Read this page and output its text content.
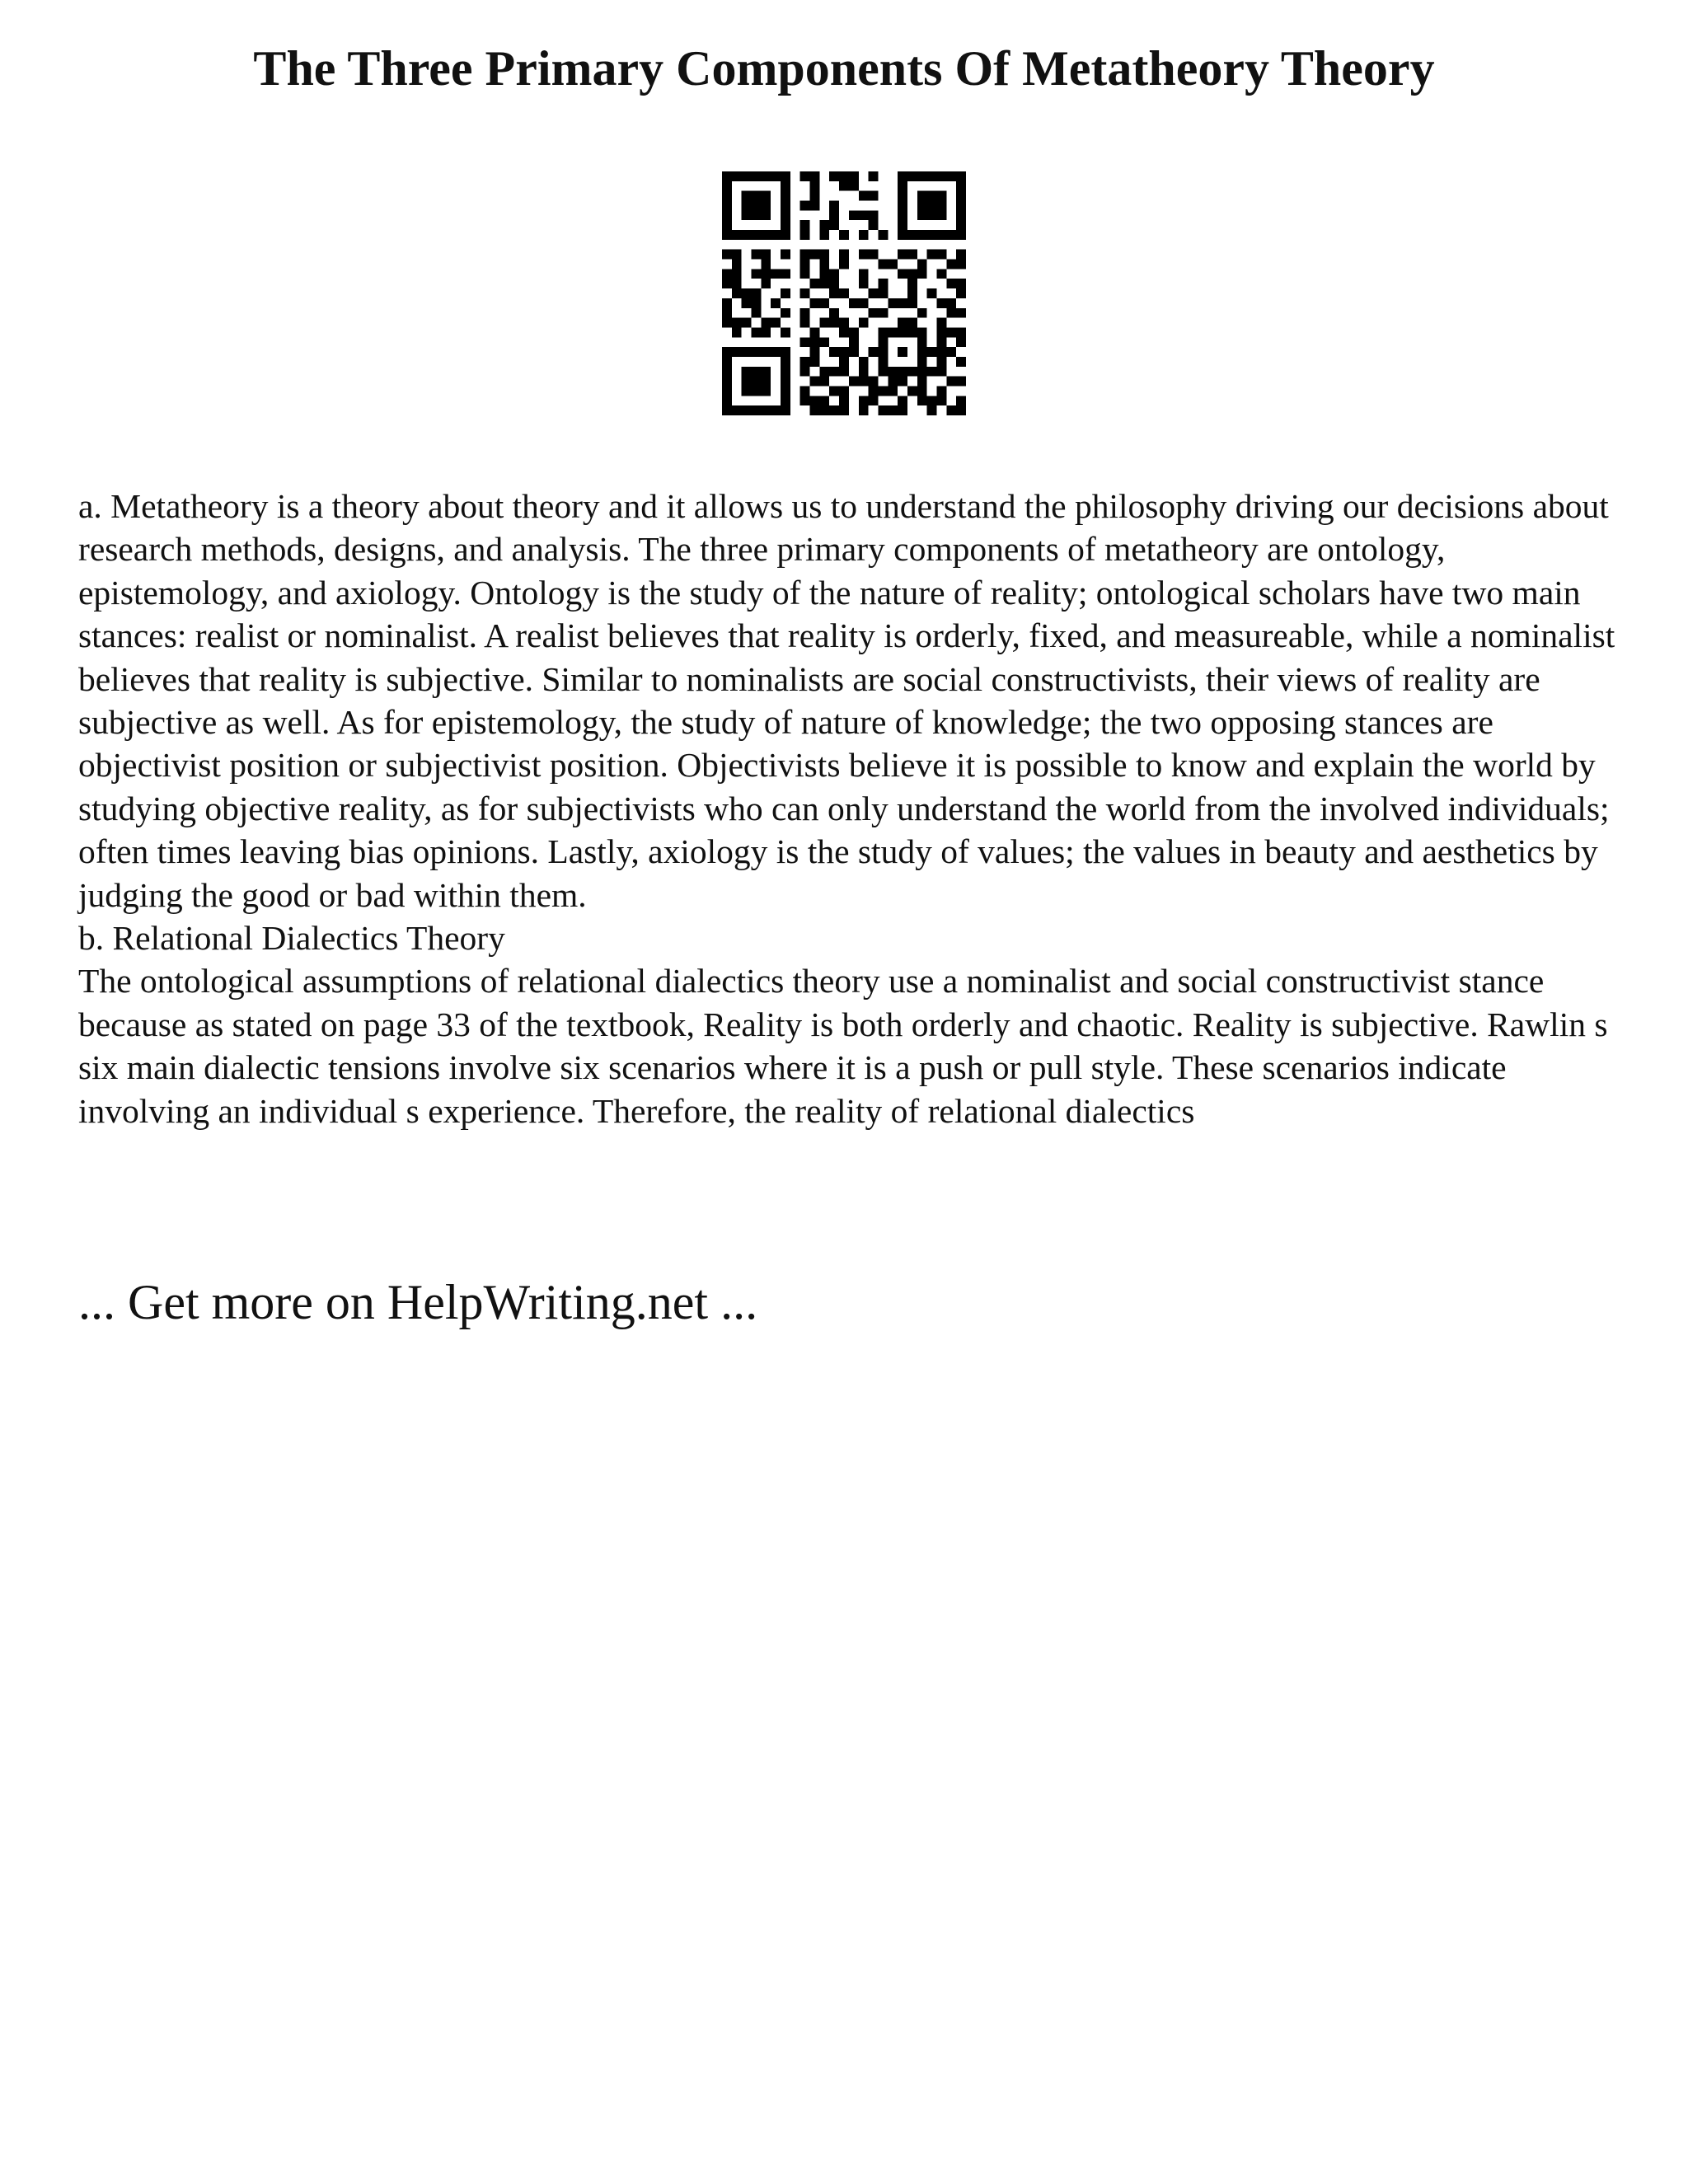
The Three Primary Components Of Metatheory Theory

a. Metatheory is a theory about theory and it allows us to understand the philosophy driving our decisions about research methods, designs, and analysis. The three primary components of metatheory are ontology, epistemology, and axiology. Ontology is the study of the nature of reality; ontological scholars have two main stances: realist or nominalist. A realist believes that reality is orderly, fixed, and measureable, while a nominalist believes that reality is subjective. Similar to nominalists are social constructivists, their views of reality are subjective as well. As for epistemology, the study of nature of knowledge; the two opposing stances are objectivist position or subjectivist position. Objectivists believe it is possible to know and explain the world by studying objective reality, as for subjectivists who can only understand the world from the involved individuals; often times leaving bias opinions. Lastly, axiology is the study of values; the values in beauty and aesthetics by judging the good or bad within them.

b. Relational Dialectics Theory

The ontological assumptions of relational dialectics theory use a nominalist and social constructivist stance because as stated on page 33 of the textbook, Reality is both orderly and chaotic. Reality is subjective. Rawlin s six main dialectic tensions involve six scenarios where it is a push or pull style. These scenarios indicate involving an individual s experience. Therefore, the reality of relational dialectics

... Get more on HelpWriting.net ...
